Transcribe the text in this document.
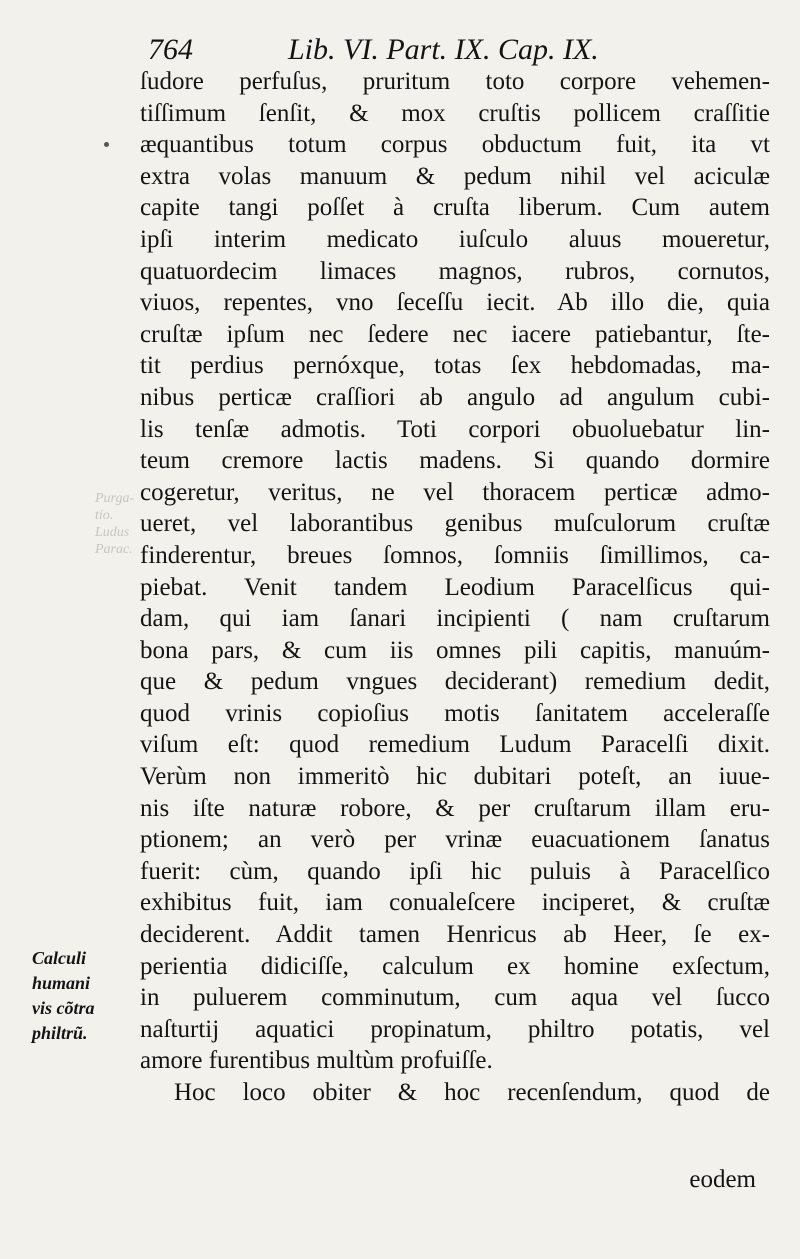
764	Lib. VI. Part. IX. Cap. IX.
Purga-
tio.
Ludus
Parac.
ſudore perfuſus, pruritum toto corpore vehemen-
tiſſimum ſenſit, & mox cruſtis pollicem craſſitie
æquantibus totum corpus obductum fuit, ita vt
extra volas manuum & pedum nihil vel aciculæ
capite tangi poſſet à cruſta liberum. Cum autem
ipſi interim medicato iuſculo aluus moueretur,
quatuordecim limaces magnos, rubros, cornutos,
viuos, repentes, vno ſeceſſu iecit. Ab illo die, quia
cruſtæ ipſum nec ſedere nec iacere patiebantur, ſte-
tit perdius pernóxque, totas ſex hebdomadas, ma-
nibus perticæ craſſiori ab angulo ad angulum cubi-
lis tenſæ admotis. Toti corpori obuoluebatur lin-
teum cremore lactis madens. Si quando dormire
cogeretur, veritus, ne vel thoracem perticæ admo-
ueret, vel laborantibus genibus muſculorum cruſtæ
finderentur, breues ſomnos, ſomniis ſimillimos, ca-
piebat. Venit tandem Leodium Paracelſicus qui-
dam, qui iam ſanari incipienti ( nam cruſtarum
bona pars, & cum iis omnes pili capitis, manuúm-
que & pedum vngues deciderant) remedium dedit,
quod vrinis copioſius motis ſanitatem acceleraſſe
viſum eſt: quod remedium Ludum Paracelſi dixit.
Verùm non immeritò hic dubitari poteſt, an iuue-
nis iſte naturæ robore, & per cruſtarum illam eru-
ptionem; an verò per vrinæ euacuationem ſanatus
fuerit: cùm, quando ipſi hic puluis à Paracelſico
exhibitus fuit, iam conualeſcere inciperet, & cruſtæ
deciderent. Addit tamen Henricus ab Heer, ſe ex-
perientia didiciſſe, calculum ex homine exſectum,
in puluerem comminutum, cum aqua vel ſucco
naſturtij aquatici propinatum, philtro potatis, vel
amore furentibus multùm profuiſſe.
Hoc loco obiter & hoc recenſendum, quod de
eodem
Calculi
humani
vis cõtra
philtrũ.
